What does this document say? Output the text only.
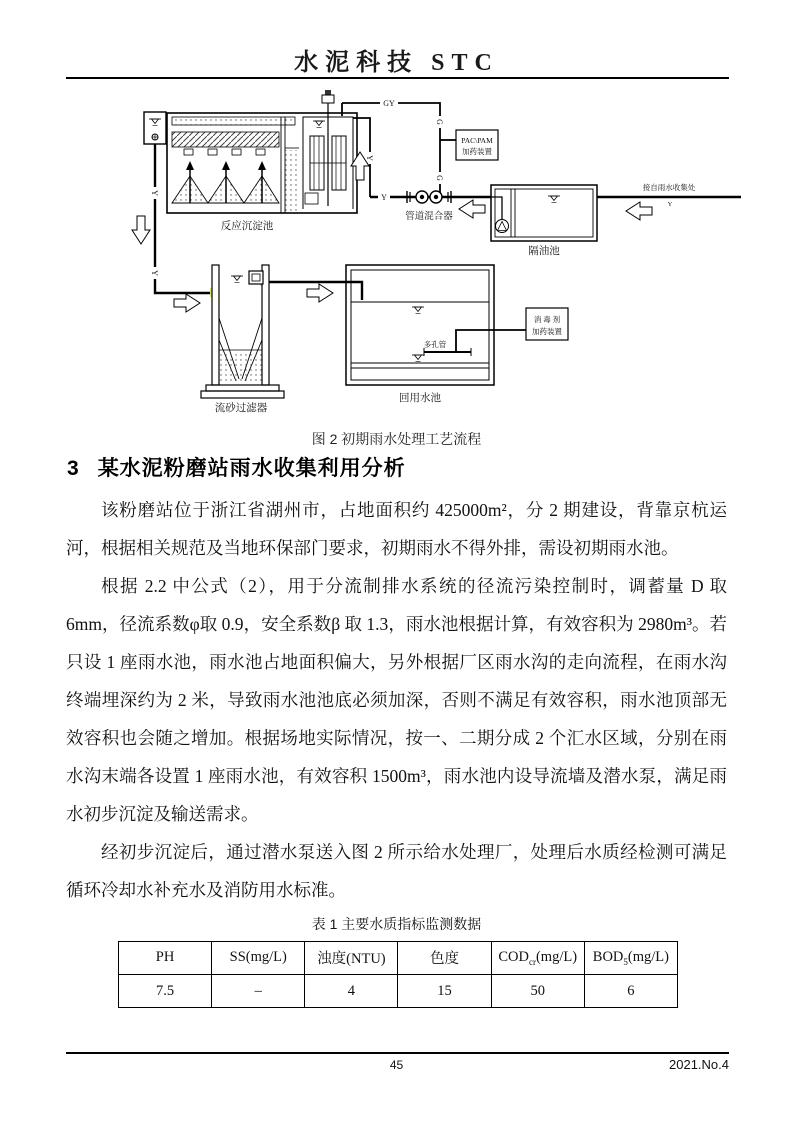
水泥科技 STC
反应沉淀池
PAC\PAM
加药装置
管道混合器
隔油池
接自雨水收集处
Y
流砂过滤器
多孔管
回用水池
消 毒 剂
加药装置
GY
G
G
Y
Y
Y
Y
图 2 初期雨水处理工艺流程
3 某水泥粉磨站雨水收集利用分析

该粉磨站位于浙江省湖州市，占地面积约 425000m²，分 2 期建设，背靠京杭运河，根据相关规范及当地环保部门要求，初期雨水不得外排，需设初期雨水池。

根据 2.2 中公式（2），用于分流制排水系统的径流污染控制时，调蓄量 D 取 6mm，径流系数φ取 0.9，安全系数β 取 1.3，雨水池根据计算，有效容积为 2980m³。若只设 1 座雨水池，雨水池占地面积偏大，另外根据厂区雨水沟的走向流程，在雨水沟终端埋深约为 2 米，导致雨水池池底必须加深，否则不满足有效容积，雨水池顶部无效容积也会随之增加。根据场地实际情况，按一、二期分成 2 个汇水区域，分别在雨水沟末端各设置 1 座雨水池，有效容积 1500m³，雨水池内设导流墙及潜水泵，满足雨水初步沉淀及输送需求。

经初步沉淀后，通过潜水泵送入图 2 所示给水处理厂，处理后水质经检测可满足循环冷却水补充水及消防用水标准。

表 1 主要水质指标监测数据
PH	SS(mg/L)	浊度(NTU)	色度	$COD_{cr}(mg/L)$	$BOD_5(mg/L)$
7.5	–	4	15	50	6
45	2021.No.4
